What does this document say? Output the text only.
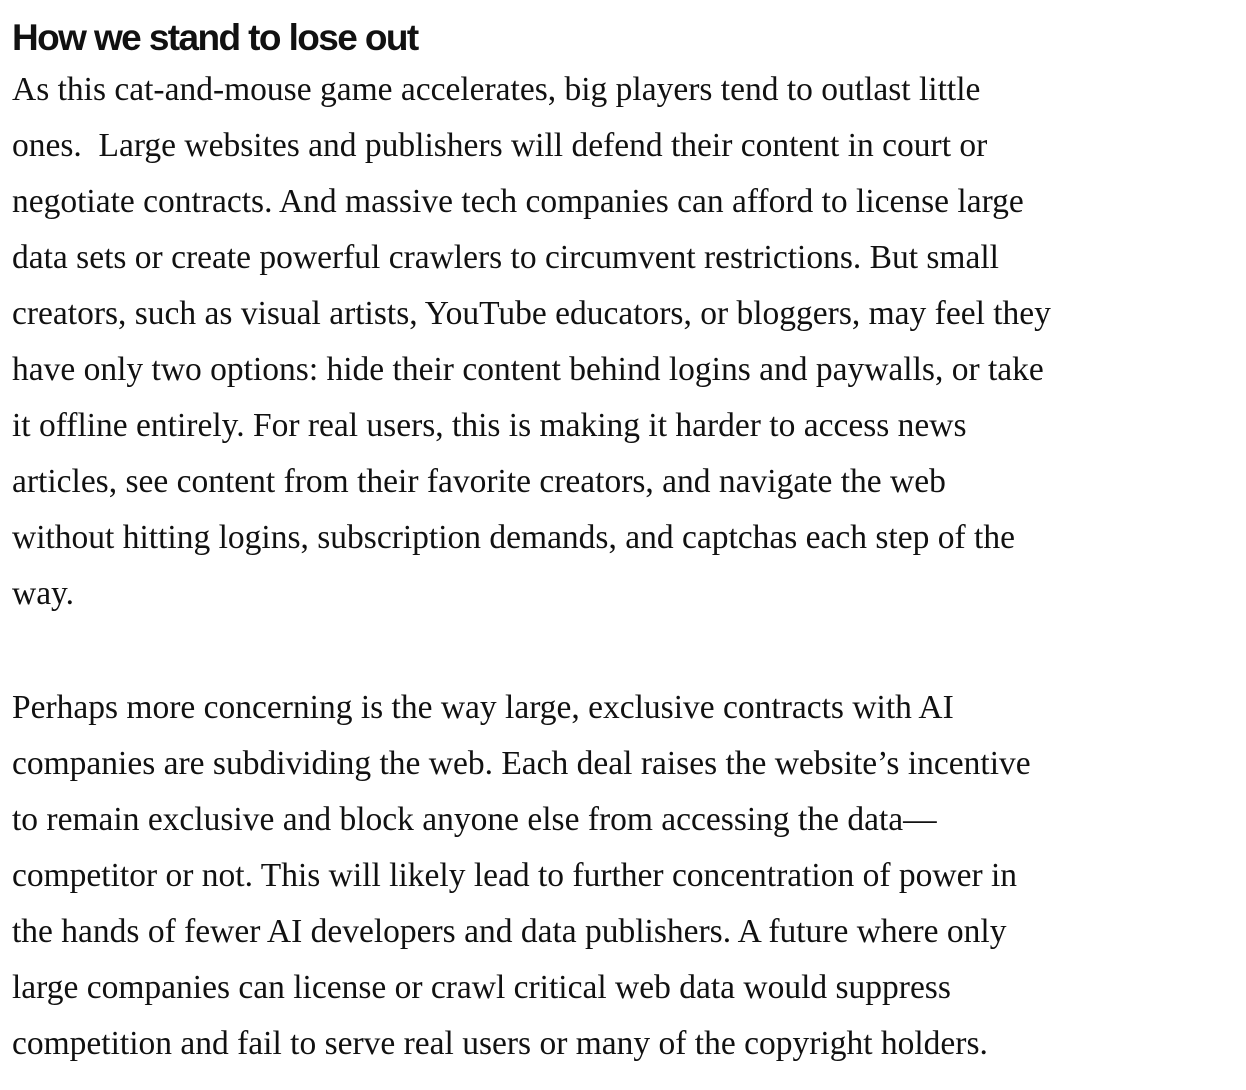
How we stand to lose out

As this cat-and-mouse game accelerates, big players tend to outlast little
ones.  Large websites and publishers will defend their content in court or
negotiate contracts. And massive tech companies can afford to license large
data sets or create powerful crawlers to circumvent restrictions. But small
creators, such as visual artists, YouTube educators, or bloggers, may feel they
have only two options: hide their content behind logins and paywalls, or take
it offline entirely. For real users, this is making it harder to access news
articles, see content from their favorite creators, and navigate the web
without hitting logins, subscription demands, and captchas each step of the
way.

Perhaps more concerning is the way large, exclusive contracts with AI
companies are subdividing the web. Each deal raises the website’s incentive
to remain exclusive and block anyone else from accessing the data—
competitor or not. This will likely lead to further concentration of power in
the hands of fewer AI developers and data publishers. A future where only
large companies can license or crawl critical web data would suppress
competition and fail to serve real users or many of the copyright holders.
